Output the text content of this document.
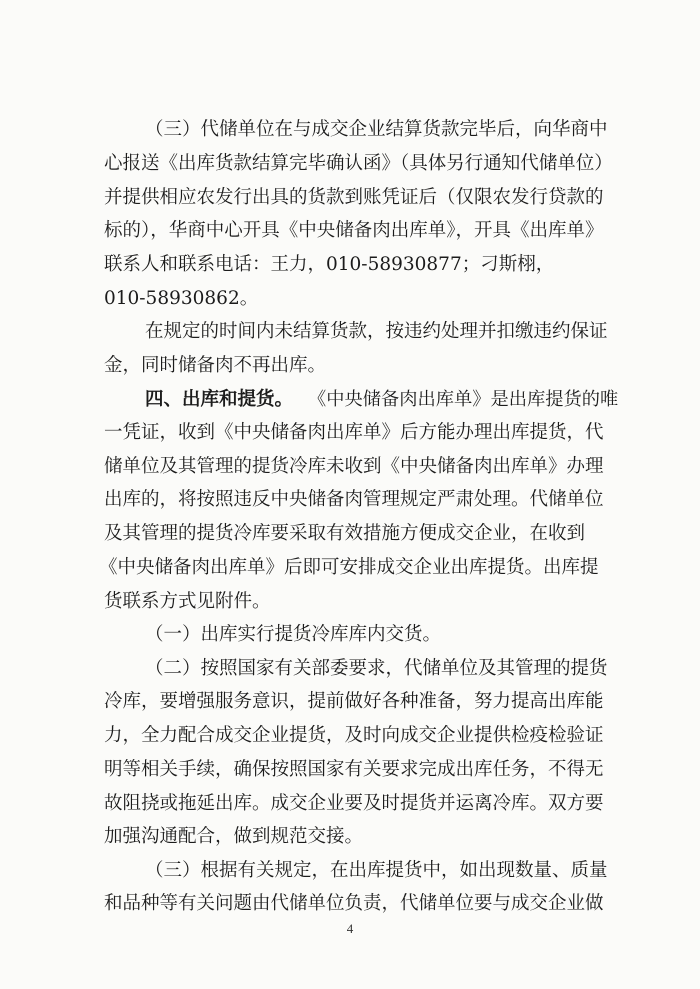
（三）代储单位在与成交企业结算货款完毕后，向华商中
心报送《出库货款结算完毕确认函》（具体另行通知代储单位）
并提供相应农发行出具的货款到账凭证后（仅限农发行贷款的
标的），华商中心开具《中央储备肉出库单》，开具《出库单》
联系人和联系电话：王力，010-58930877；刁斯栩，
010-58930862。
在规定的时间内未结算货款，按违约处理并扣缴违约保证
金，同时储备肉不再出库。
四、出库和提货。 《中央储备肉出库单》是出库提货的唯
一凭证，收到《中央储备肉出库单》后方能办理出库提货，代
储单位及其管理的提货冷库未收到《中央储备肉出库单》办理
出库的，将按照违反中央储备肉管理规定严肃处理。代储单位
及其管理的提货冷库要采取有效措施方便成交企业，在收到
《中央储备肉出库单》后即可安排成交企业出库提货。出库提
货联系方式见附件。
（一）出库实行提货冷库库内交货。
（二）按照国家有关部委要求，代储单位及其管理的提货
冷库，要增强服务意识，提前做好各种准备，努力提高出库能
力，全力配合成交企业提货，及时向成交企业提供检疫检验证
明等相关手续，确保按照国家有关要求完成出库任务，不得无
故阻挠或拖延出库。成交企业要及时提货并运离冷库。双方要
加强沟通配合，做到规范交接。
（三）根据有关规定，在出库提货中，如出现数量、质量
和品种等有关问题由代储单位负责，代储单位要与成交企业做
4
